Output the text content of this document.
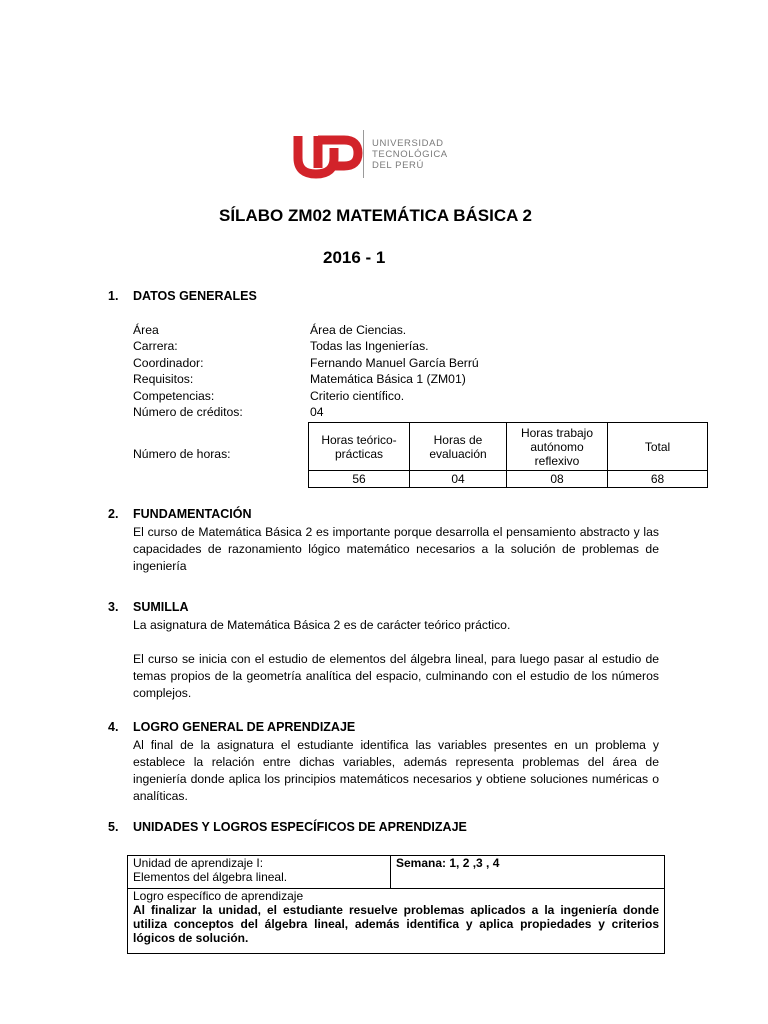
UNIVERSIDAD
TECNOLÓGICA
DEL PERÚ
SÍLABO ZM02 MATEMÁTICA BÁSICA 2
2016 - 1
1. DATOS GENERALES
Área	Área de Ciencias.
Carrera:	Todas las Ingenierías.
Coordinador:	Fernando Manuel García Berrú
Requisitos:	Matemática Básica 1 (ZM01)
Competencias:	Criterio científico.
Número de créditos:	04
Número de horas:
Horas teórico-prácticas	Horas de evaluación	Horas trabajo autónomo reflexivo	Total
56	04	08	68
2. FUNDAMENTACIÓN
El curso de Matemática Básica 2 es importante porque desarrolla el pensamiento abstracto y las capacidades de razonamiento lógico matemático necesarios a la solución de problemas de ingeniería
3. SUMILLA
La asignatura de Matemática Básica 2 es de carácter teórico práctico.
El curso se inicia con el estudio de elementos del álgebra lineal, para luego pasar al estudio de temas propios de la geometría analítica del espacio, culminando con el estudio de los números complejos.
4. LOGRO GENERAL DE APRENDIZAJE
Al final de la asignatura el estudiante identifica las variables presentes en un problema y establece la relación entre dichas variables, además representa problemas del área de ingeniería donde aplica los principios matemáticos necesarios y obtiene soluciones numéricas o analíticas.
5. UNIDADES Y LOGROS ESPECÍFICOS DE APRENDIZAJE
Unidad de aprendizaje I:
Elementos del álgebra lineal.
	Semana: 1, 2 ,3 , 4

Logro específico de aprendizaje
Al finalizar la unidad, el estudiante resuelve problemas aplicados a la ingeniería donde utiliza conceptos del álgebra lineal, además identifica y aplica propiedades y criterios lógicos de solución.
